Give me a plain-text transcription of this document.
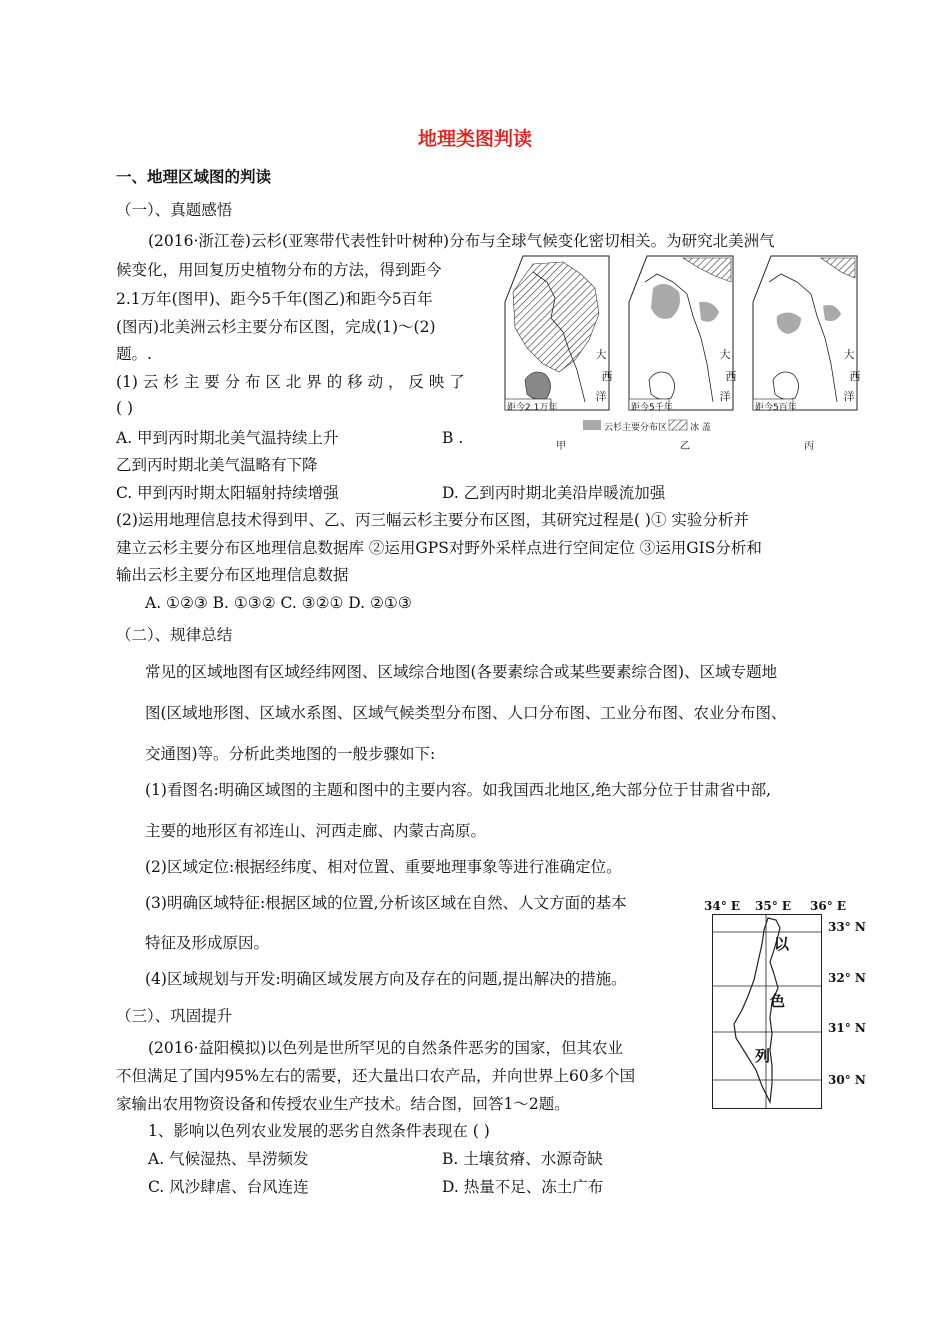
地理类图判读
一、地理区域图的判读
（一）、真题感悟
(2016·浙江卷)云杉(亚寒带代表性针叶树种)分布与全球气候变化密切相关。为研究北美洲气
候变化，用回复历史植物分布的方法，得到距今
2.1万年(图甲)、距今5千年(图乙)和距今5百年
(图丙)北美洲云杉主要分布区图，完成(1)～(2)
题。.
(1) 云 杉 主 要 分 布 区 北 界 的 移 动 ， 反 映 了
( )
A. 甲到丙时期北美气温持续上升	B .
乙到丙时期北美气温略有下降
C. 甲到丙时期太阳辐射持续增强	D. 乙到丙时期北美沿岸暖流加强
(2)运用地理信息技术得到甲、乙、丙三幅云杉主要分布区图，其研究过程是( )① 实验分析并
建立云杉主要分布区地理信息数据库 ②运用GPS对野外采样点进行空间定位 ③运用GIS分析和
输出云杉主要分布区地理信息数据
A. ①②③ B. ①③② C. ③②① D. ②①③
距今2.1万年	距今5千年	距今5百年
大
西
洋
大
西
洋
大
西
洋
云杉主要分布区	冰 盖
甲	乙	丙
（二）、规律总结
常见的区域地图有区域经纬网图、区域综合地图(各要素综合或某些要素综合图)、区域专题地
图(区域地形图、区域水系图、区域气候类型分布图、人口分布图、工业分布图、农业分布图、
交通图)等。分析此类地图的一般步骤如下:
(1)看图名:明确区域图的主题和图中的主要内容。如我国西北地区,绝大部分位于甘肃省中部,
主要的地形区有祁连山、河西走廊、内蒙古高原。
(2)区域定位:根据经纬度、相对位置、重要地理事象等进行准确定位。
(3)明确区域特征:根据区域的位置,分析该区域在自然、人文方面的基本
特征及形成原因。
(4)区域规划与开发:明确区域发展方向及存在的问题,提出解决的措施。
（三）、巩固提升
(2016·益阳模拟)以色列是世所罕见的自然条件恶劣的国家，但其农业
不但满足了国内95%左右的需要，还大量出口农产品，并向世界上60多个国
家输出农用物资设备和传授农业生产技术。结合图，回答1～2题。
1、影响以色列农业发展的恶劣自然条件表现在 ( )
A. 气候湿热、旱涝频发	B. 土壤贫瘠、水源奇缺
C. 风沙肆虐、台风连连	D. 热量不足、冻土广布
34° E 35° E 36° E
33° N
32° N
31° N
30° N
以
色
列
